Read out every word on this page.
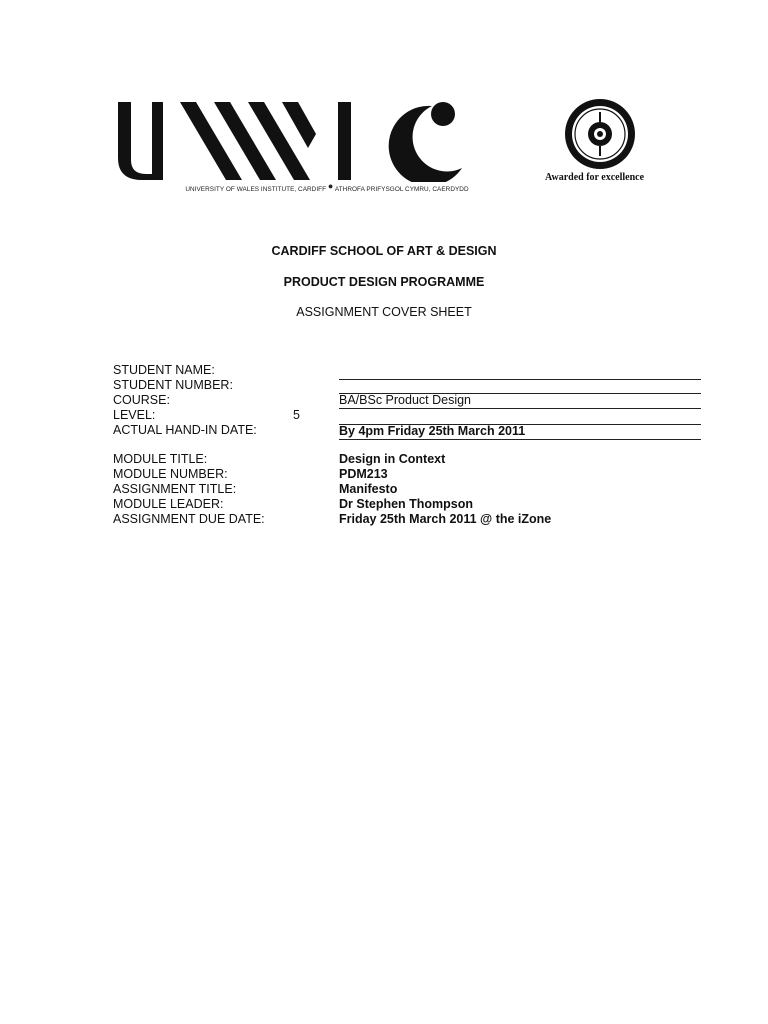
UNIVERSITY OF WALES INSTITUTE, CARDIFF ● ATHROFA PRIFYSGOL CYMRU, CAERDYDD
Awarded for excellence
CARDIFF SCHOOL OF ART & DESIGN
PRODUCT DESIGN PROGRAMME
ASSIGNMENT COVER SHEET
STUDENT NAME:
STUDENT NUMBER:
COURSE:
LEVEL:	5
ACTUAL HAND-IN DATE:
BA/BSc Product Design
By 4pm Friday 25th March 2011
MODULE TITLE:
MODULE NUMBER:
ASSIGNMENT TITLE:
MODULE LEADER:
ASSIGNMENT DUE DATE:
Design in Context
PDM213
Manifesto
Dr Stephen Thompson
Friday 25th March 2011 @ the iZone
